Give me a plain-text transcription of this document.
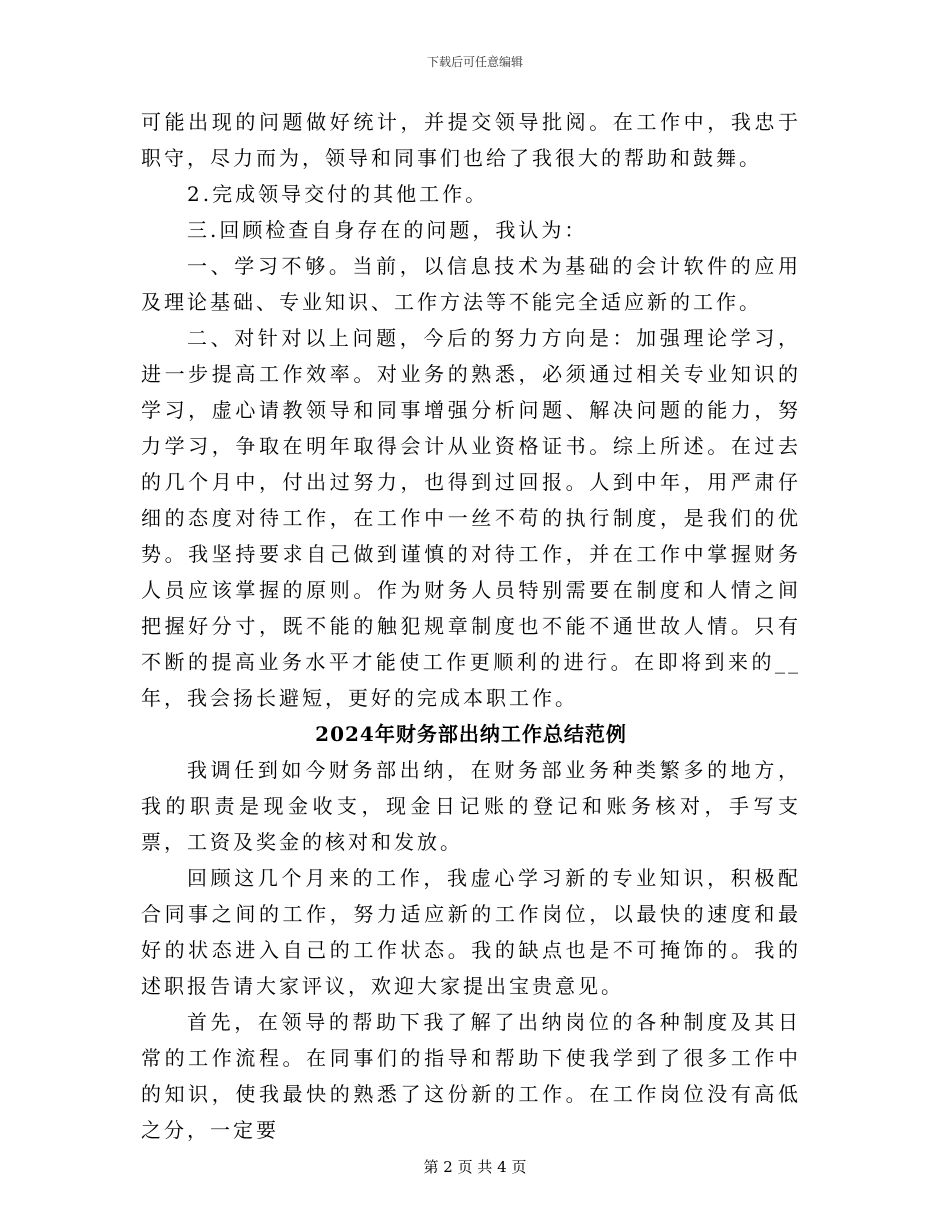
下载后可任意编辑

可能出现的问题做好统计，并提交领导批阅。在工作中，我忠于职守，尽力而为，领导和同事们也给了我很大的帮助和鼓舞。

2.完成领导交付的其他工作。

三.回顾检查自身存在的问题，我认为：

一、学习不够。当前，以信息技术为基础的会计软件的应用及理论基础、专业知识、工作方法等不能完全适应新的工作。

二、对针对以上问题，今后的努力方向是：加强理论学习，进一步提高工作效率。对业务的熟悉，必须通过相关专业知识的学习，虚心请教领导和同事增强分析问题、解决问题的能力，努力学习，争取在明年取得会计从业资格证书。综上所述。在过去的几个月中，付出过努力，也得到过回报。人到中年，用严肃仔细的态度对待工作，在工作中一丝不苟的执行制度，是我们的优势。我坚持要求自己做到谨慎的对待工作，并在工作中掌握财务人员应该掌握的原则。作为财务人员特别需要在制度和人情之间把握好分寸，既不能的触犯规章制度也不能不通世故人情。只有不断的提高业务水平才能使工作更顺利的进行。在即将到来的__年，我会扬长避短，更好的完成本职工作。

2024年财务部出纳工作总结范例

我调任到如今财务部出纳，在财务部业务种类繁多的地方，我的职责是现金收支，现金日记账的登记和账务核对，手写支票，工资及奖金的核对和发放。

回顾这几个月来的工作，我虚心学习新的专业知识，积极配合同事之间的工作，努力适应新的工作岗位，以最快的速度和最好的状态进入自己的工作状态。我的缺点也是不可掩饰的。我的述职报告请大家评议，欢迎大家提出宝贵意见。

首先，在领导的帮助下我了解了出纳岗位的各种制度及其日常的工作流程。在同事们的指导和帮助下使我学到了很多工作中的知识，使我最快的熟悉了这份新的工作。在工作岗位没有高低之分，一定要

第 2 页 共 4 页
